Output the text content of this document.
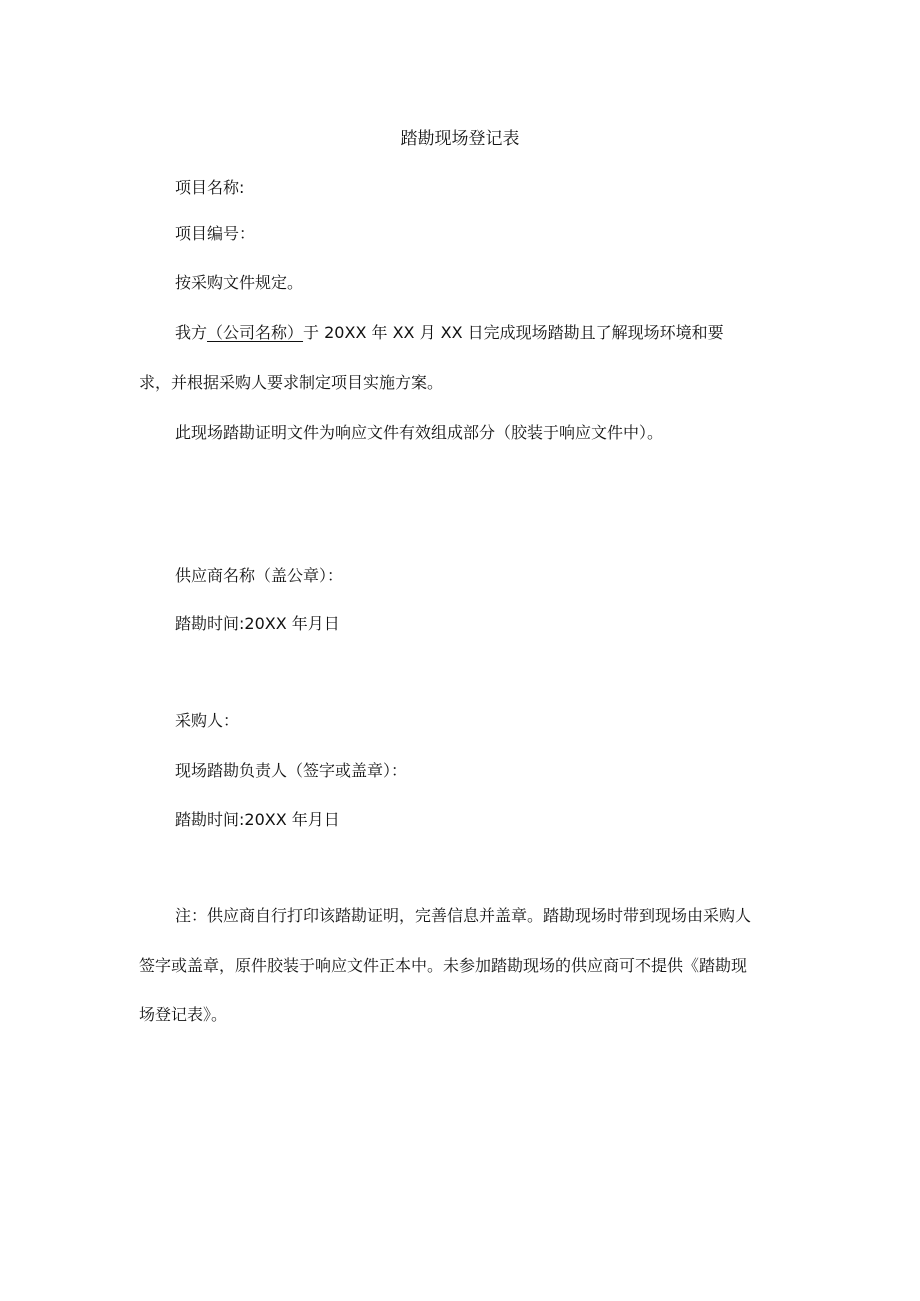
踏勘现场登记表
项目名称:
项目编号：
按采购文件规定。
我方（公司名称）于 20XX 年 XX 月 XX 日完成现场踏勘且了解现场环境和要
求，并根据采购人要求制定项目实施方案。
此现场踏勘证明文件为响应文件有效组成部分（胶装于响应文件中）。
供应商名称（盖公章）：
踏勘时间:20XX 年月日
采购人：
现场踏勘负责人（签字或盖章）：
踏勘时间:20XX 年月日
注：供应商自行打印该踏勘证明，完善信息并盖章。踏勘现场时带到现场由采购人
签字或盖章，原件胶装于响应文件正本中。未参加踏勘现场的供应商可不提供《踏勘现
场登记表》。
